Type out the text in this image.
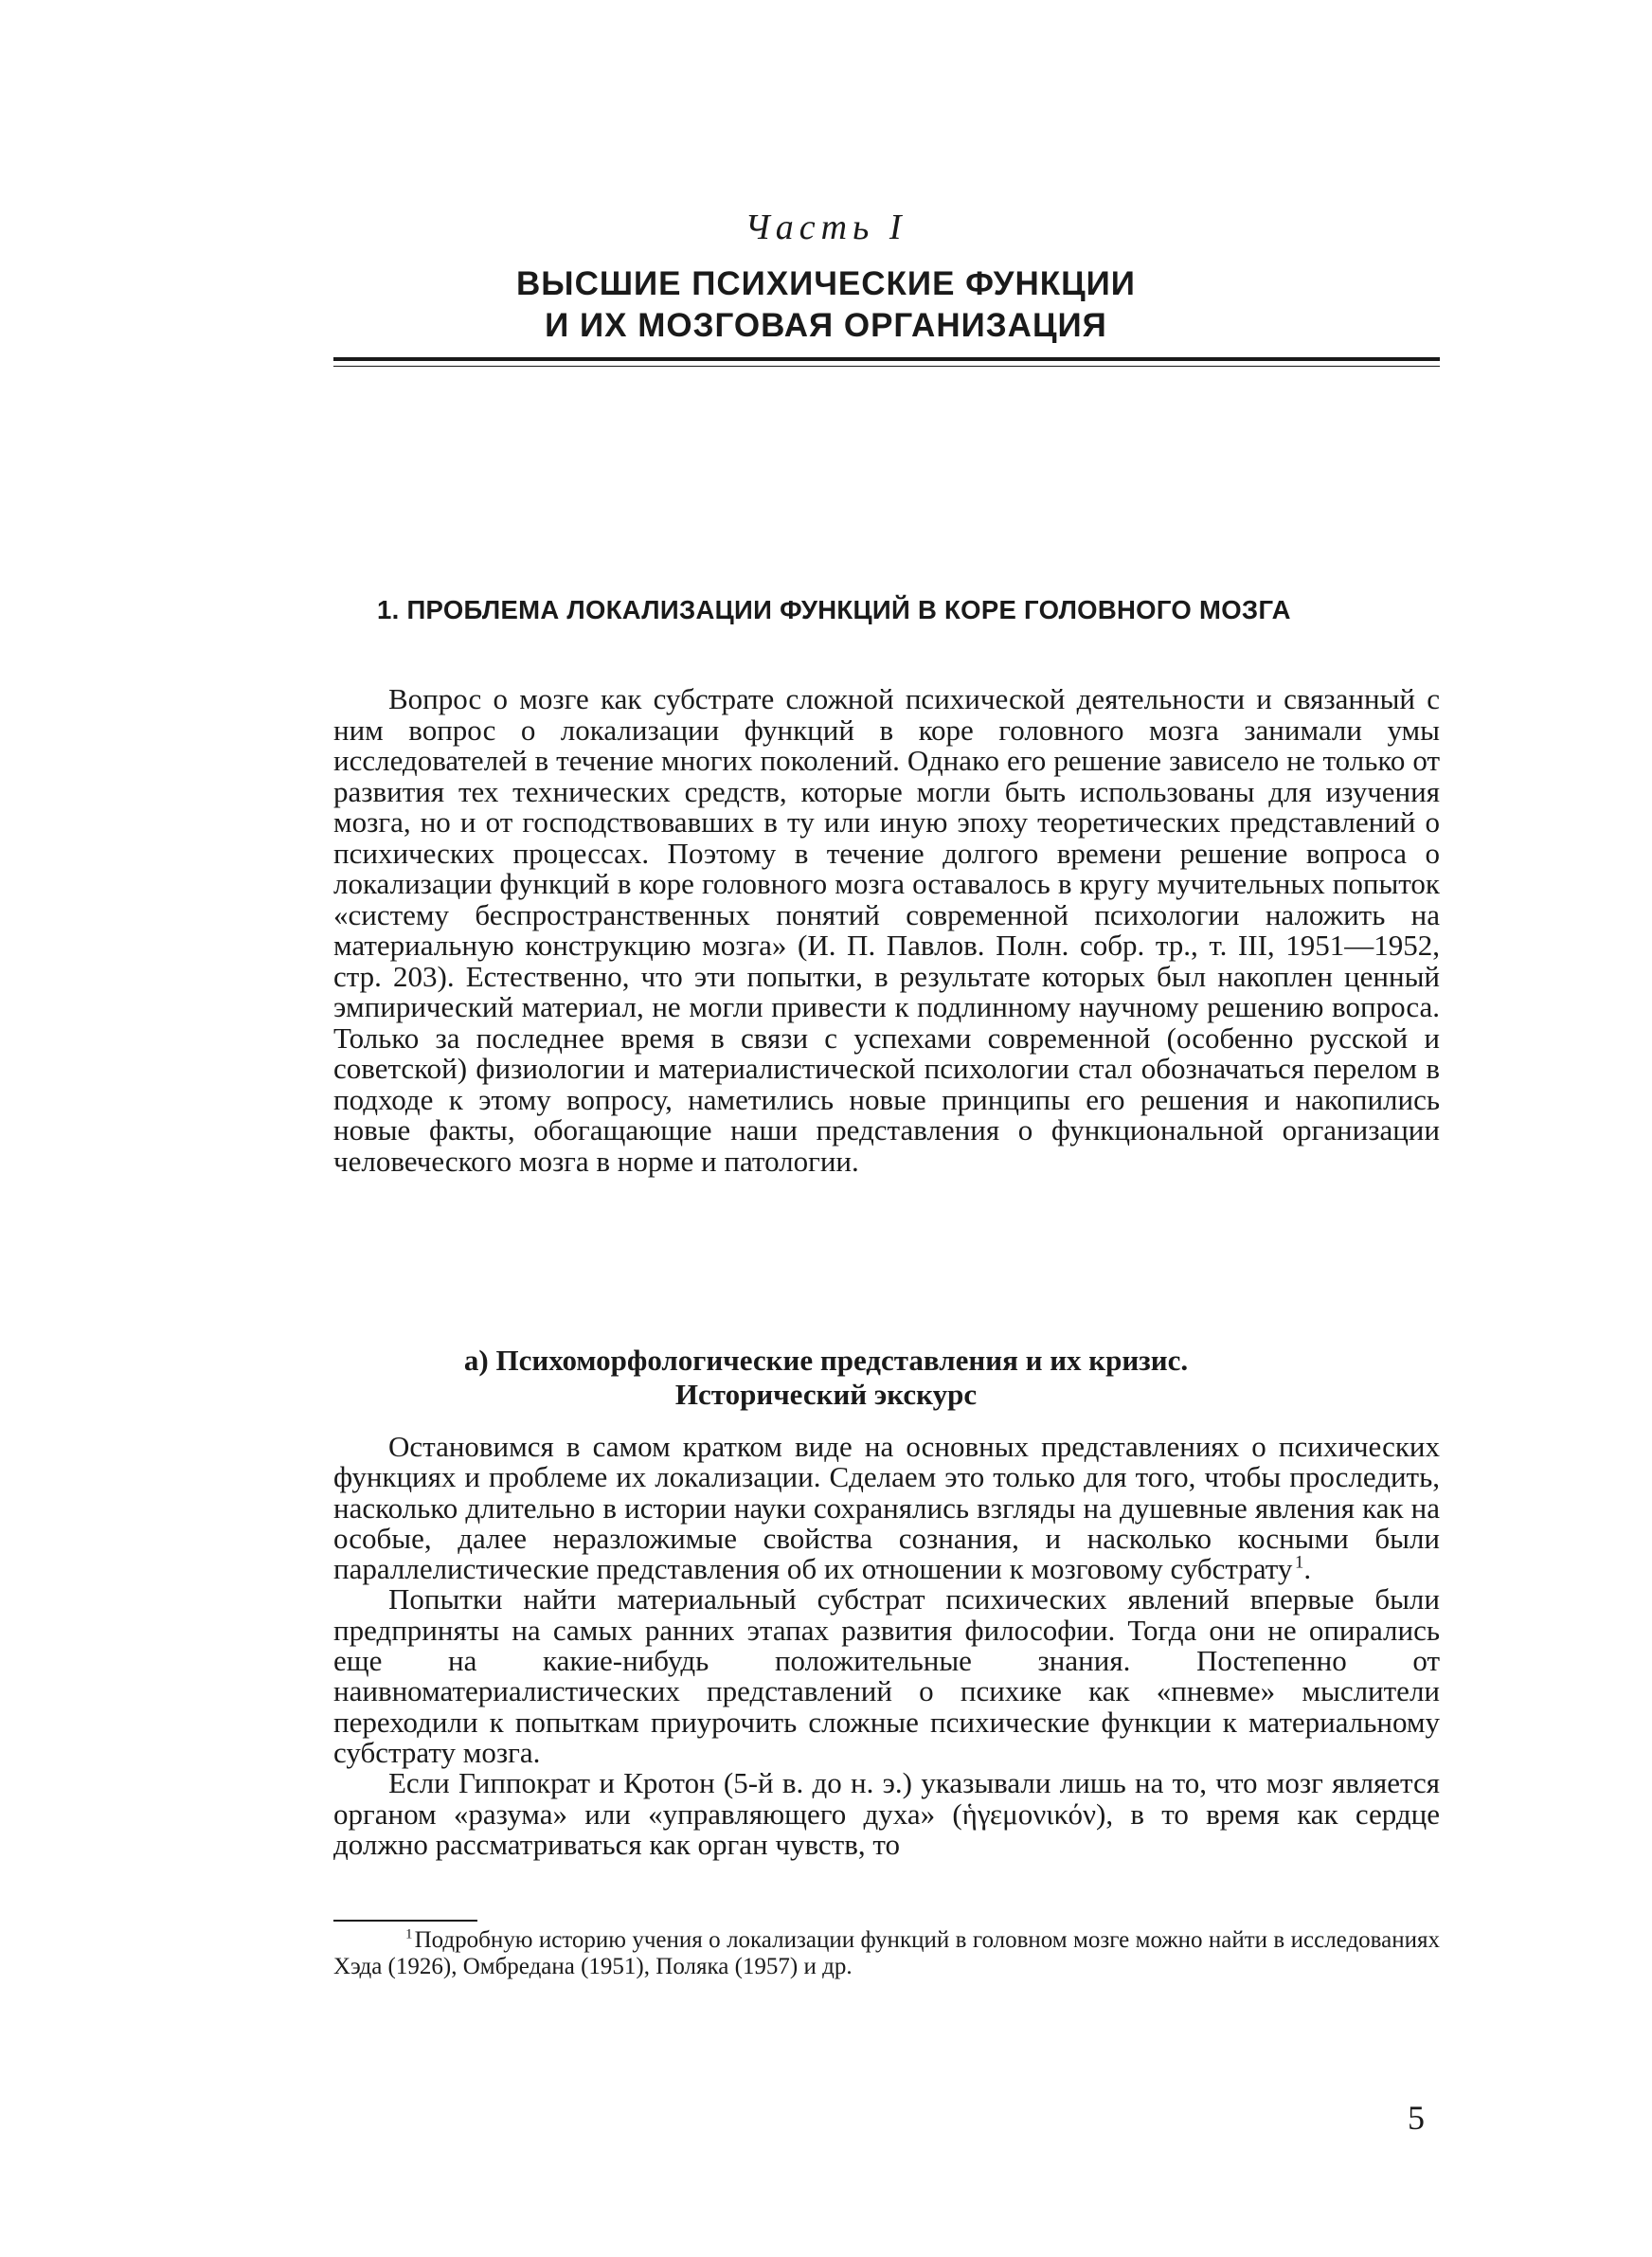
Часть I
ВЫСШИЕ ПСИХИЧЕСКИЕ ФУНКЦИИ
И ИХ МОЗГОВАЯ ОРГАНИЗАЦИЯ
1. ПРОБЛЕМА ЛОКАЛИЗАЦИИ ФУНКЦИЙ В КОРЕ ГОЛОВНОГО МОЗГА

Вопрос о мозге как субстрате сложной психической деятельности и связанный с ним вопрос о локализации функций в коре головного мозга занимали умы исследователей в течение многих поколений. Однако его решение зависело не только от развития тех технических средств, которые могли быть использованы для изучения мозга, но и от господствовавших в ту или иную эпоху теоретических представлений о психических процессах. Поэтому в течение долгого времени решение вопроса о локализации функций в коре головного мозга оставалось в кругу мучительных попыток «систему беспространственных понятий современной психологии наложить на материальную конструкцию мозга» (И. П. Павлов. Полн. собр. тр., т. III, 1951—1952, стр. 203). Естественно, что эти попытки, в результате которых был накоплен ценный эмпирический материал, не могли привести к подлинному научному решению вопроса. Только за последнее время в связи с успехами современной (особенно русской и советской) физиологии и материалистической психологии стал обозначаться перелом в подходе к этому вопросу, наметились новые принципы его решения и накопились новые факты, обогащающие наши представления о функциональной организации человеческого мозга в норме и патологии.

а) Психоморфологические представления и их кризис.
Исторический экскурс

Остановимся в самом кратком виде на основных представлениях о психических функциях и проблеме их локализации. Сделаем это только для того, чтобы проследить, насколько длительно в истории науки сохранялись взгляды на душевные явления как на особые, далее неразложимые свойства сознания, и насколько косными были параллелистические представления об их отношении к мозговому субстрату  $^1$.

Попытки найти материальный субстрат психических явлений впервые были предприняты на самых ранних этапах развития философии. Тогда они не опирались еще на какие-нибудь положительные знания. Постепенно от наивноматериалистических представлений о психике как «пневме» мыслители переходили к попыткам приурочить сложные психические функции к материальному субстрату мозга.

Если Гиппократ и Кротон (5-й в. до н. э.) указывали лишь на то, что мозг является органом «разума» или «управляющего духа» (ἡγεμονικόν), в то время как сердце должно рассматриваться как орган чувств, то

$^1$ Подробную историю учения о локализации функций в головном мозге можно найти в исследованиях Хэда (1926), Омбредана (1951), Поляка (1957) и др.
5
